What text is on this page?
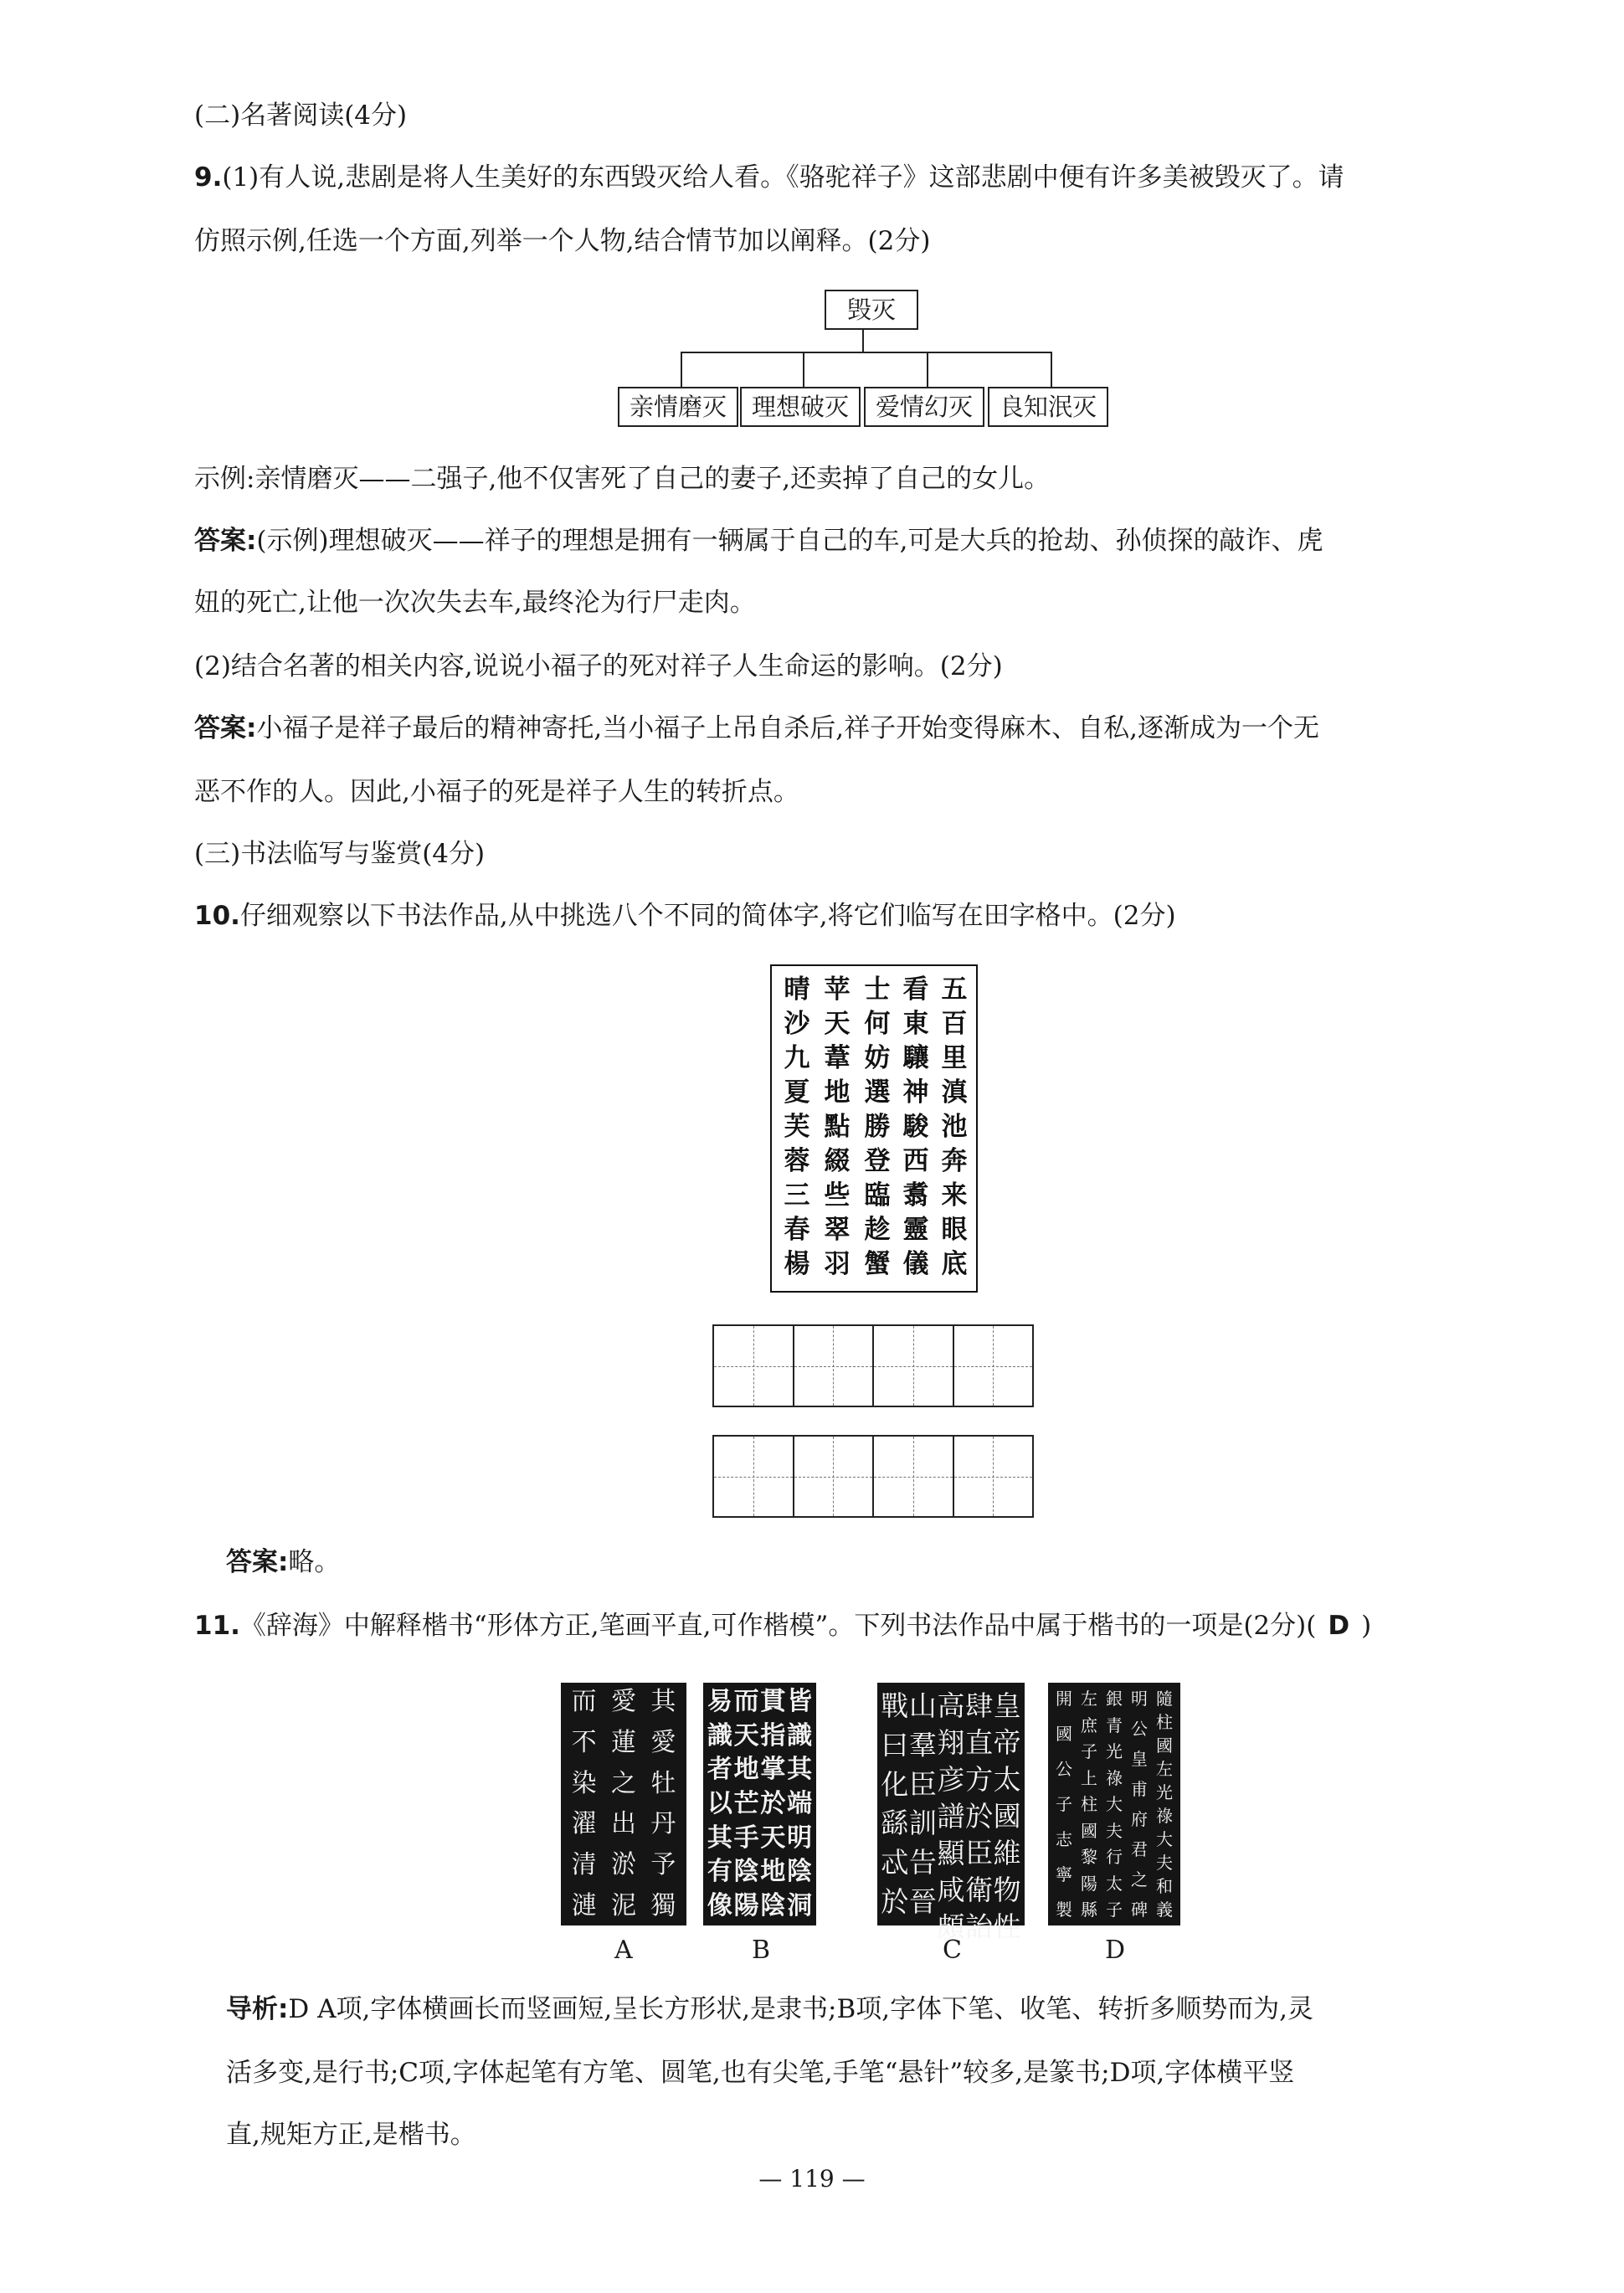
(二)名著阅读(4分)
9.(1)有人说,悲剧是将人生美好的东西毁灭给人看。《骆驼祥子》这部悲剧中便有许多美被毁灭了。请
仿照示例,任选一个方面,列举一个人物,结合情节加以阐释。(2分)
毁灭
亲情磨灭	理想破灭	爱情幻灭	良知泯灭
示例:亲情磨灭——二强子,他不仅害死了自己的妻子,还卖掉了自己的女儿。
答案:(示例)理想破灭——祥子的理想是拥有一辆属于自己的车,可是大兵的抢劫、孙侦探的敲诈、虎
妞的死亡,让他一次次失去车,最终沦为行尸走肉。
(2)结合名著的相关内容,说说小福子的死对祥子人生命运的影响。(2分)
答案:小福子是祥子最后的精神寄托,当小福子上吊自杀后,祥子开始变得麻木、自私,逐渐成为一个无
恶不作的人。因此,小福子的死是祥子人生的转折点。
(三)书法临写与鉴赏(4分)
10.仔细观察以下书法作品,从中挑选八个不同的简体字,将它们临写在田字格中。(2分)
五
百
里
滇
池
奔
来
眼
底
看
東
驤
神
駿
西
翥
靈
儀
士
何
妨
選
勝
登
臨
趁
蟹
苹
天
葦
地
點
綴
些
翠
羽
晴
沙
九
夏
芙
蓉
三
春
楊
答案:略。
11.《辞海》中解释楷书“形体方正,笔画平直,可作楷模”。下列书法作品中属于楷书的一项是(2分)( D )
其
愛
牡
丹
予
獨
愛
蓮
之
出
淤
泥
而
不
染
濯
清
漣
皆
識
其
端
明
陰
洞
貫
指
掌
於
天
地
陰
而
天
地
芒
手
陰
陽
易
識
者
以
其
有
像
皇
帝
太
國
維
物
性
肆
直
方
於
臣
衛
詒
高
翔
彦
譜
顯
咸
頗
山
羣
臣
訓
告
晉
戰
曰
化
繇
忒
於
隨
柱
國
左
光
祿
大
夫
和
義
明
公
皇
甫
府
君
之
碑
銀
青
光
祿
大
夫
行
太
子
左
庶
子
上
柱
國
黎
陽
縣
開
國
公
子
志
寧
製
A	B	C	D
导析:D A项,字体横画长而竖画短,呈长方形状,是隶书;B项,字体下笔、收笔、转折多顺势而为,灵
活多变,是行书;C项,字体起笔有方笔、圆笔,也有尖笔,手笔“悬针”较多,是篆书;D项,字体横平竖
直,规矩方正,是楷书。
— 119 —
